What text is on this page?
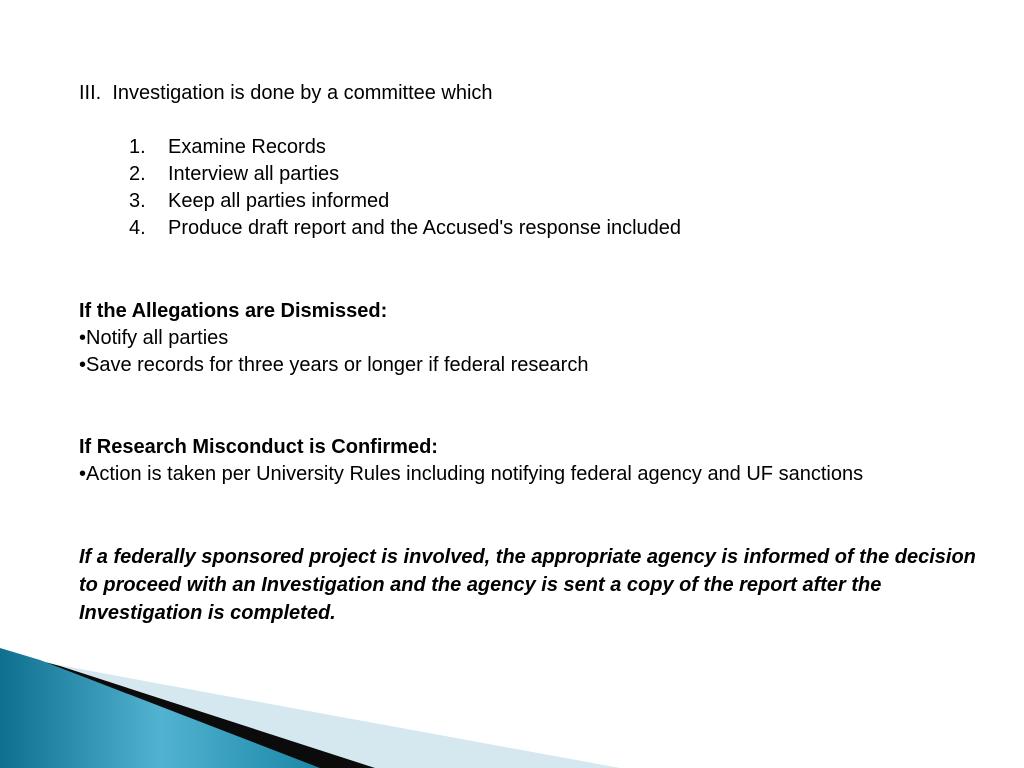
III. Investigation is done by a committee which

1.	Examine Records
2.	Interview all parties
3.	Keep all parties informed
4.	Produce draft report and the Accused's response included

If the Allegations are Dismissed:

•Notify all parties

•Save records for three years or longer if federal research

If Research Misconduct is Confirmed:

•Action is taken per University Rules including notifying federal agency and UF sanctions

If a federally sponsored project is involved, the appropriate agency is informed of the decision to proceed with an Investigation and the agency is sent a copy of the report after the Investigation is completed.
